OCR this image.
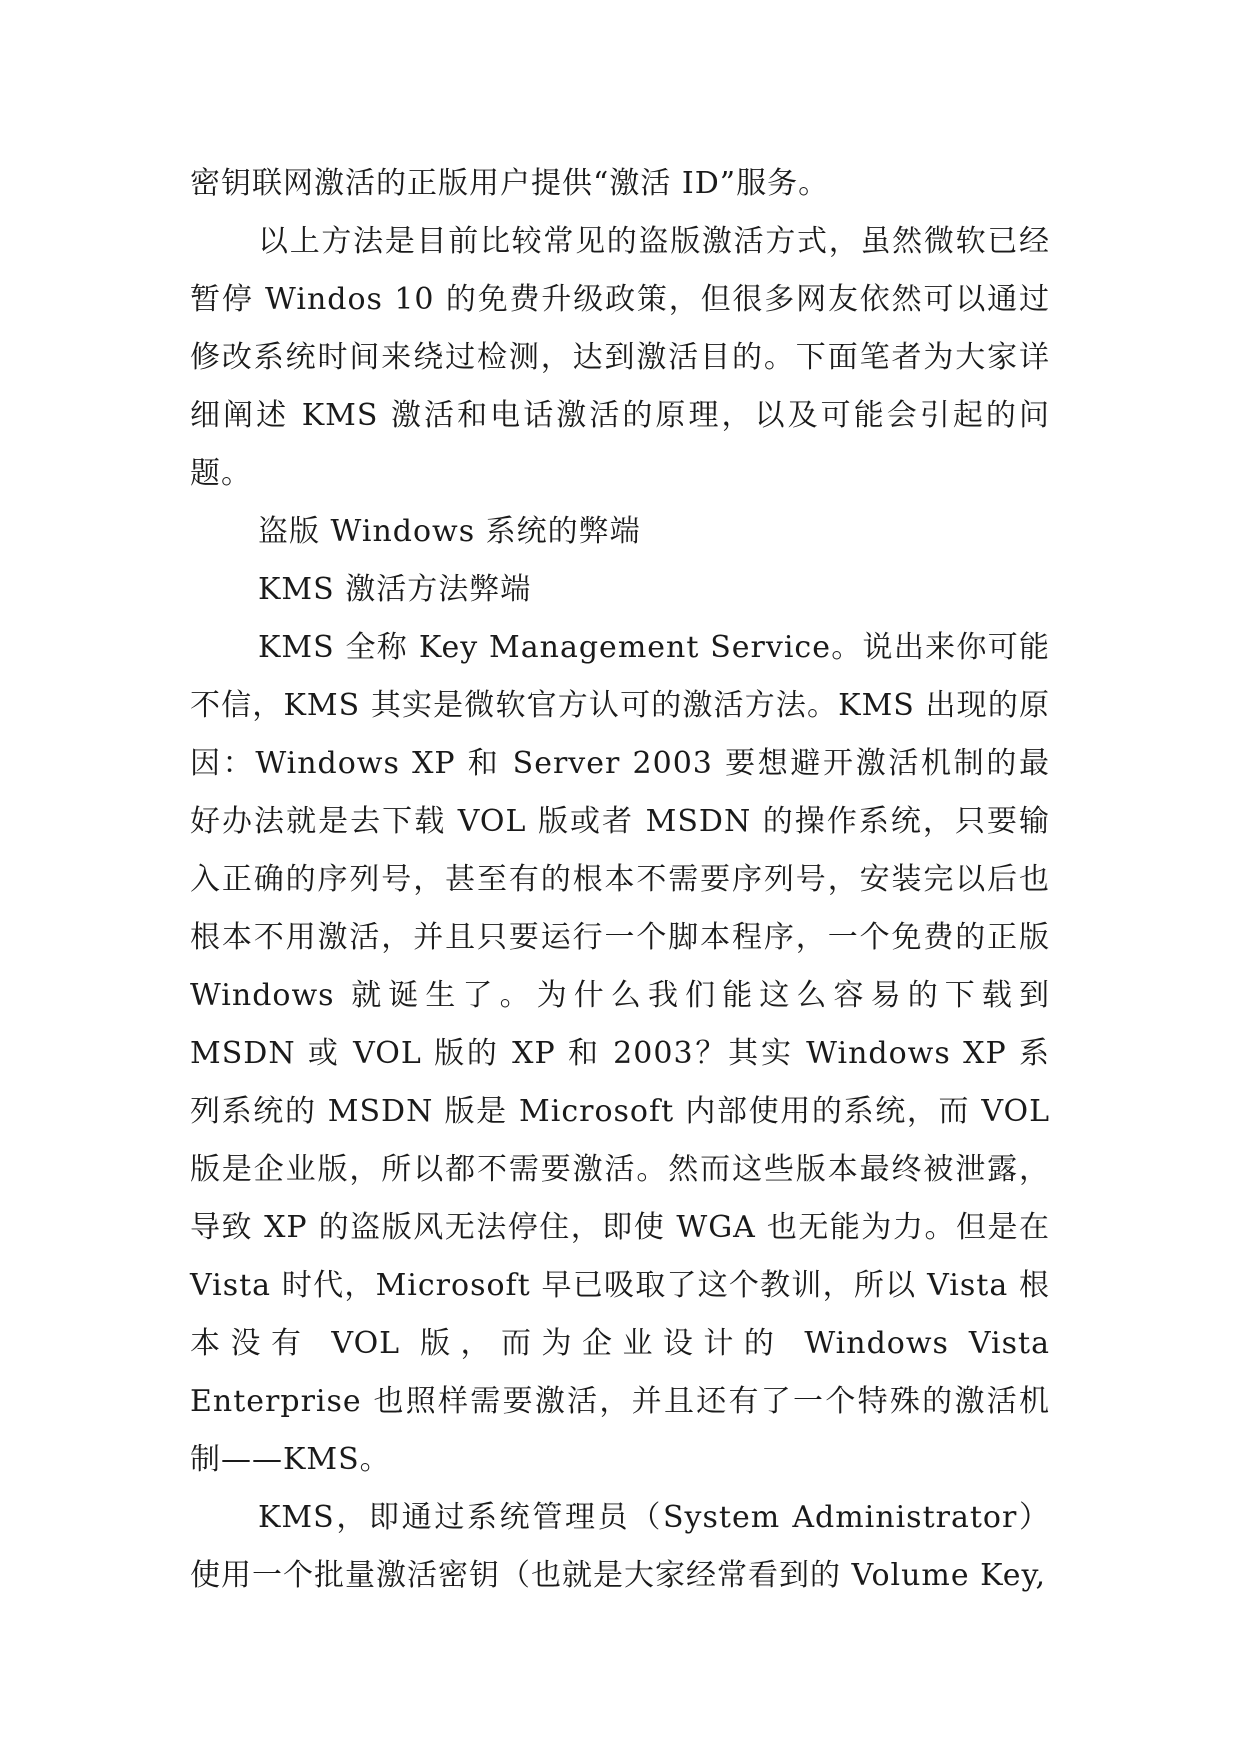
密钥联网激活的正版用户提供“激活 ID”服务。

以上方法是目前比较常见的盗版激活方式，虽然微软已经暂停 Windos 10 的免费升级政策，但很多网友依然可以通过修改系统时间来绕过检测，达到激活目的。下面笔者为大家详细阐述 KMS 激活和电话激活的原理，以及可能会引起的问题。

盗版 Windows 系统的弊端

KMS 激活方法弊端

KMS 全称 Key Management Service。说出来你可能不信，KMS 其实是微软官方认可的激活方法。KMS 出现的原因：Windows XP 和 Server 2003 要想避开激活机制的最好办法就是去下载 VOL 版或者 MSDN 的操作系统，只要输入正确的序列号，甚至有的根本不需要序列号，安装完以后也根本不用激活，并且只要运行一个脚本程序，一个免费的正版 Windows 就诞生了。为什么我们能这么容易的下载到 MSDN 或 VOL 版的 XP 和 2003？其实 Windows XP 系列系统的 MSDN 版是 Microsoft 内部使用的系统，而 VOL 版是企业版，所以都不需要激活。然而这些版本最终被泄露，导致 XP 的盗版风无法停住，即使 WGA 也无能为力。但是在 Vista 时代，Microsoft 早已吸取了这个教训，所以 Vista 根本没有 VOL 版，而为企业设计的 Windows Vista Enterprise 也照样需要激活，并且还有了一个特殊的激活机制——KMS。

KMS，即通过系统管理员（System Administrator）使用一个批量激活密钥（也就是大家经常看到的 Volume Key,
